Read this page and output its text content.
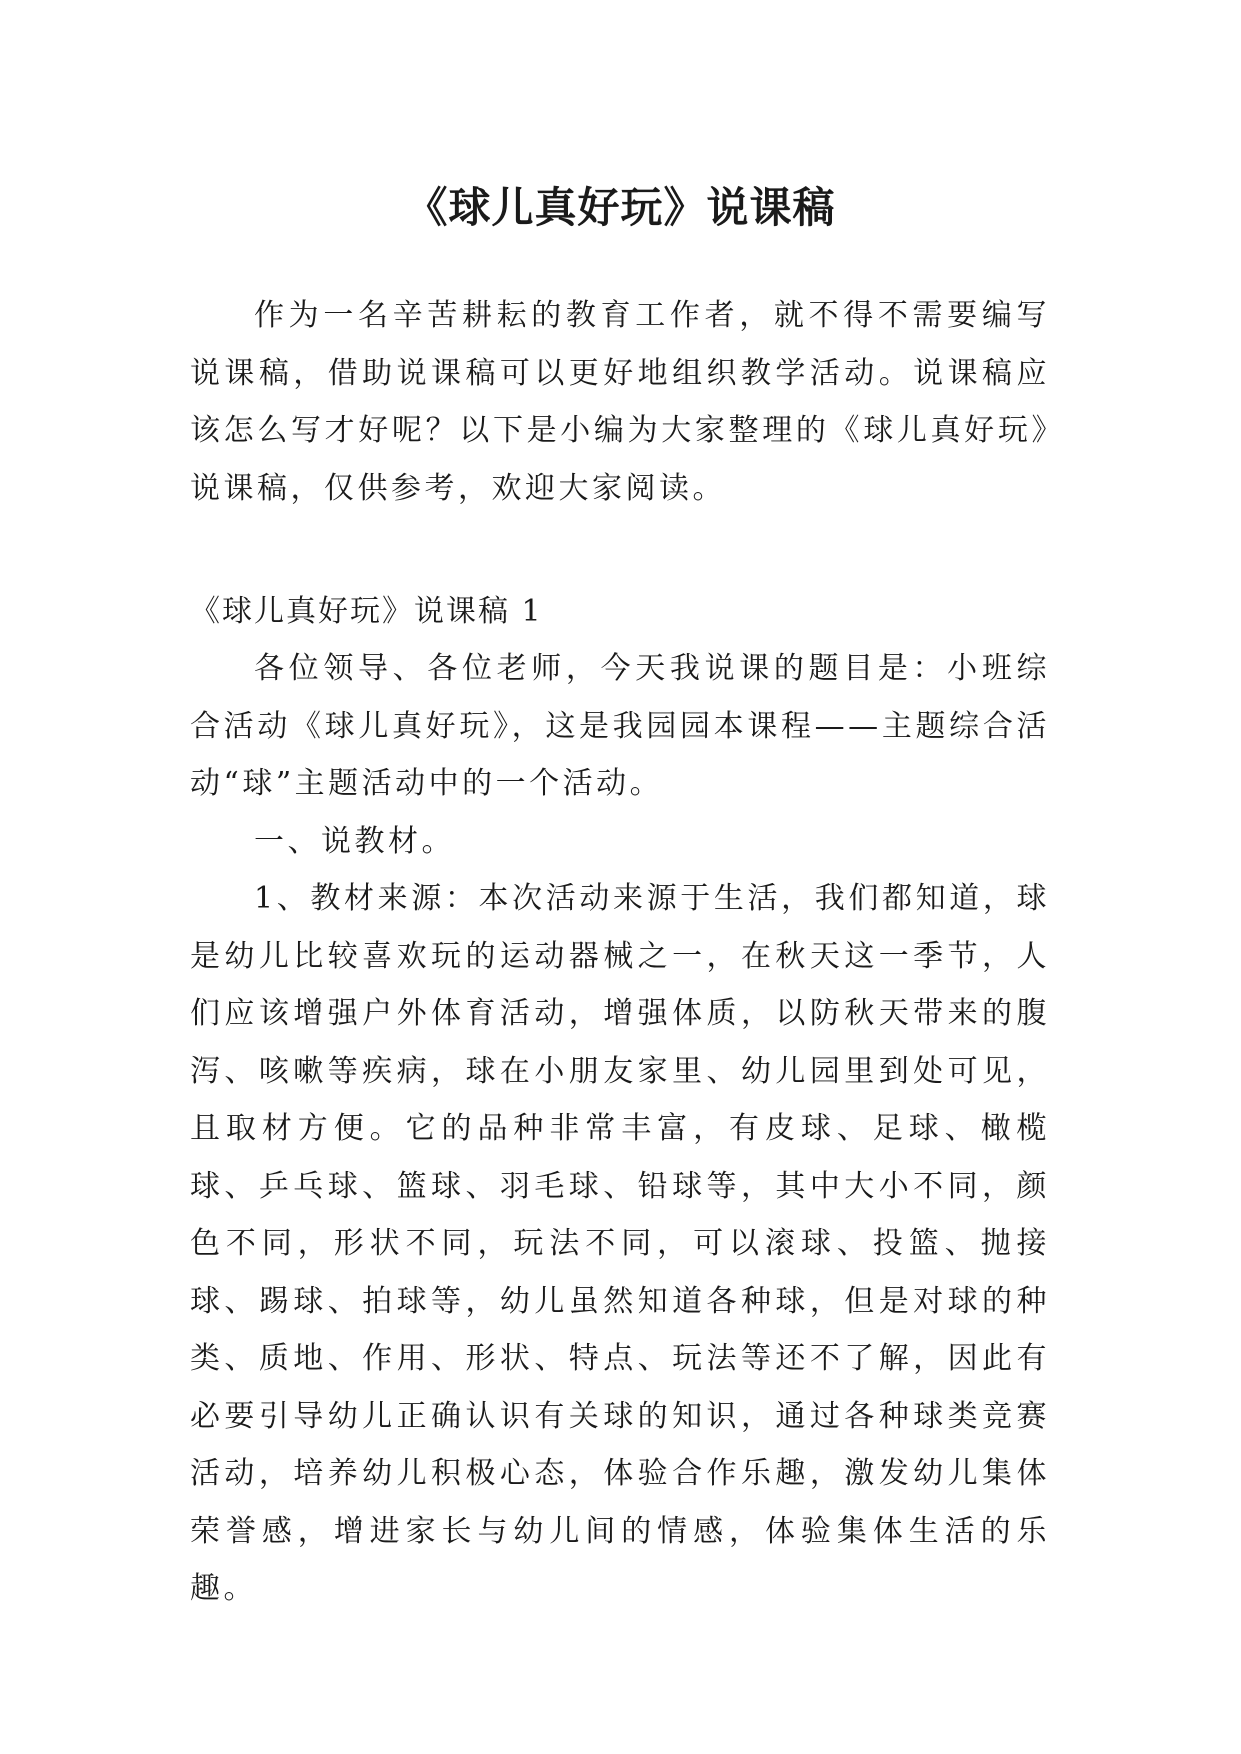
《球儿真好玩》说课稿

作为一名辛苦耕耘的教育工作者，就不得不需要编写说课稿，借助说课稿可以更好地组织教学活动。说课稿应该怎么写才好呢？以下是小编为大家整理的《球儿真好玩》说课稿，仅供参考，欢迎大家阅读。

《球儿真好玩》说课稿 1

各位领导、各位老师，今天我说课的题目是：小班综合活动《球儿真好玩》，这是我园园本课程——主题综合活动“球”主题活动中的一个活动。

一、说教材。

1、教材来源：本次活动来源于生活，我们都知道，球是幼儿比较喜欢玩的运动器械之一，在秋天这一季节，人们应该增强户外体育活动，增强体质，以防秋天带来的腹泻、咳嗽等疾病，球在小朋友家里、幼儿园里到处可见，且取材方便。它的品种非常丰富，有皮球、足球、橄榄球、乒乓球、篮球、羽毛球、铅球等，其中大小不同，颜色不同，形状不同，玩法不同，可以滚球、投篮、抛接球、踢球、拍球等，幼儿虽然知道各种球，但是对球的种类、质地、作用、形状、特点、玩法等还不了解，因此有必要引导幼儿正确认识有关球的知识，通过各种球类竞赛活动，培养幼儿积极心态，体验合作乐趣，激发幼儿集体荣誉感，增进家长与幼儿间的情感，体验集体生活的乐趣。
